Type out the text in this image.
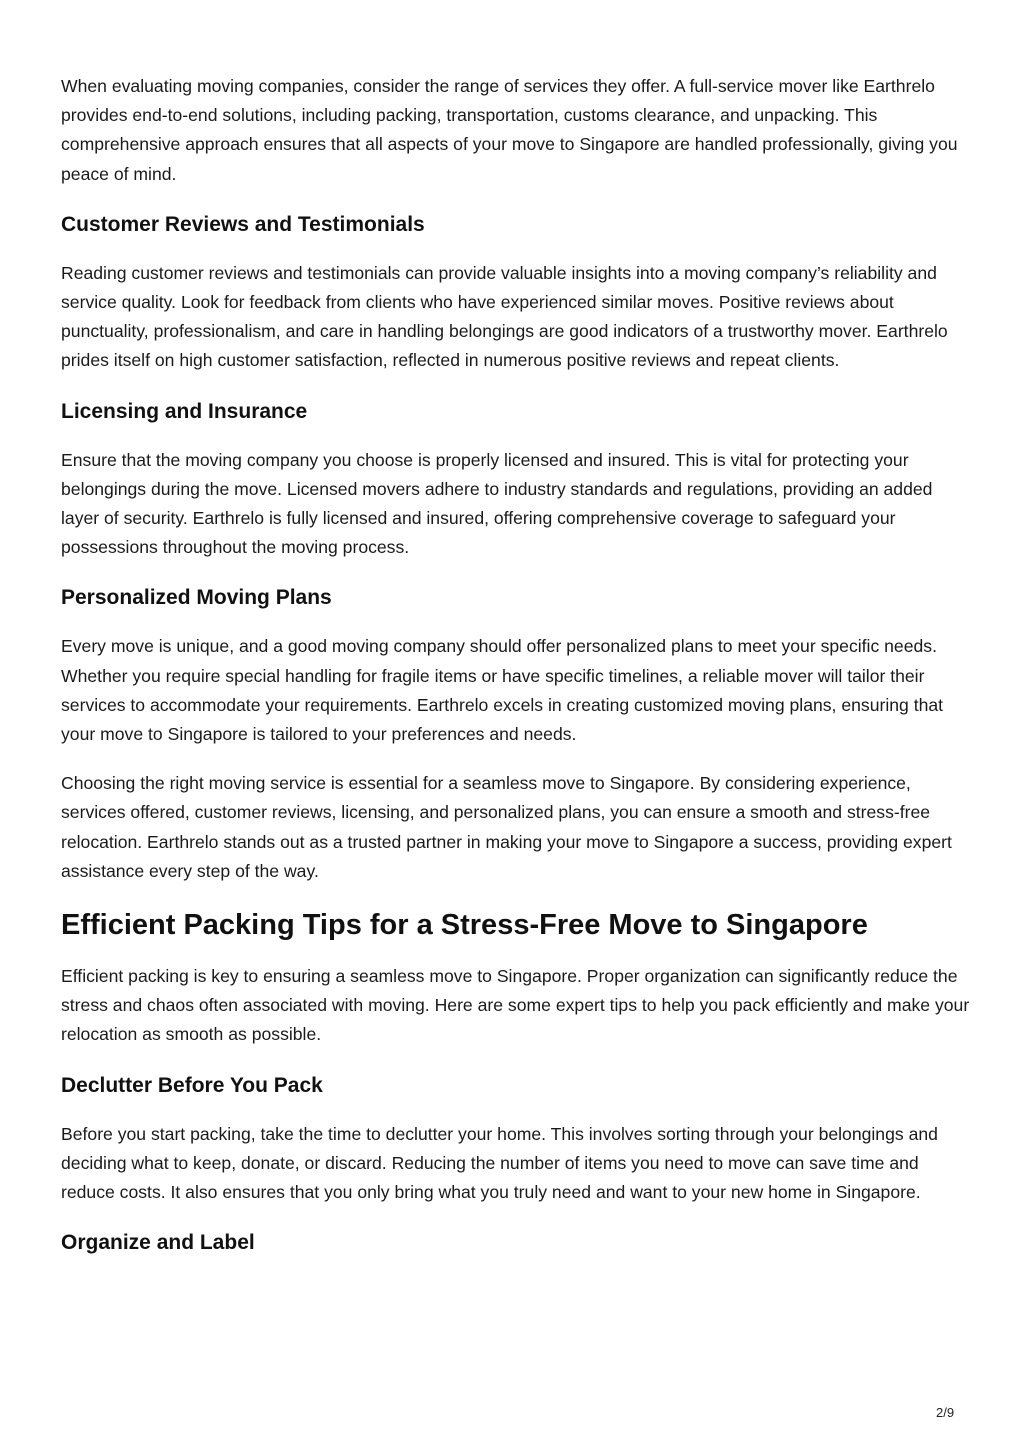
When evaluating moving companies, consider the range of services they offer. A full-service mover like Earthrelo provides end-to-end solutions, including packing, transportation, customs clearance, and unpacking. This comprehensive approach ensures that all aspects of your move to Singapore are handled professionally, giving you peace of mind.

Customer Reviews and Testimonials

Reading customer reviews and testimonials can provide valuable insights into a moving company’s reliability and service quality. Look for feedback from clients who have experienced similar moves. Positive reviews about punctuality, professionalism, and care in handling belongings are good indicators of a trustworthy mover. Earthrelo prides itself on high customer satisfaction, reflected in numerous positive reviews and repeat clients.

Licensing and Insurance

Ensure that the moving company you choose is properly licensed and insured. This is vital for protecting your belongings during the move. Licensed movers adhere to industry standards and regulations, providing an added layer of security. Earthrelo is fully licensed and insured, offering comprehensive coverage to safeguard your possessions throughout the moving process.

Personalized Moving Plans

Every move is unique, and a good moving company should offer personalized plans to meet your specific needs. Whether you require special handling for fragile items or have specific timelines, a reliable mover will tailor their services to accommodate your requirements. Earthrelo excels in creating customized moving plans, ensuring that your move to Singapore is tailored to your preferences and needs.

Choosing the right moving service is essential for a seamless move to Singapore. By considering experience, services offered, customer reviews, licensing, and personalized plans, you can ensure a smooth and stress-free relocation. Earthrelo stands out as a trusted partner in making your move to Singapore a success, providing expert assistance every step of the way.

Efficient Packing Tips for a Stress-Free Move to Singapore

Efficient packing is key to ensuring a seamless move to Singapore. Proper organization can significantly reduce the stress and chaos often associated with moving. Here are some expert tips to help you pack efficiently and make your relocation as smooth as possible.

Declutter Before You Pack

Before you start packing, take the time to declutter your home. This involves sorting through your belongings and deciding what to keep, donate, or discard. Reducing the number of items you need to move can save time and reduce costs. It also ensures that you only bring what you truly need and want to your new home in Singapore.

Organize and Label
2/9
